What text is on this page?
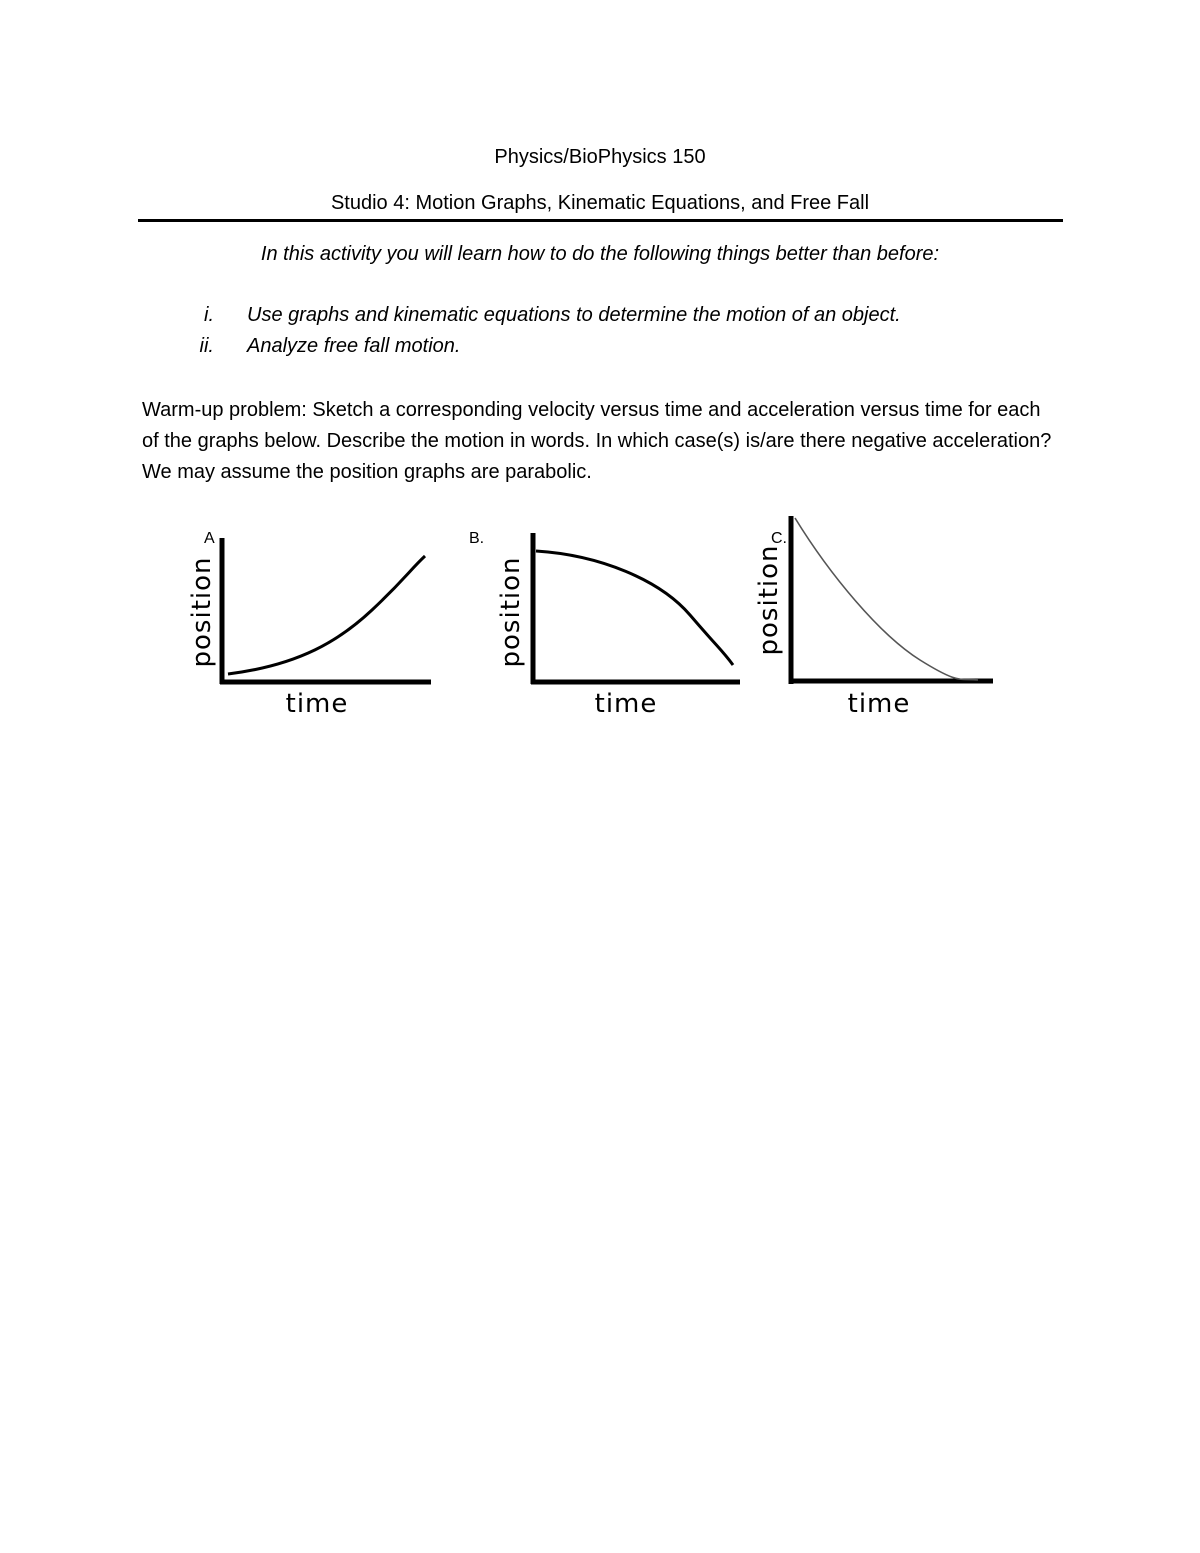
Physics/BioPhysics 150
Studio 4: Motion Graphs, Kinematic Equations, and Free Fall
In this activity you will learn how to do the following things better than before:
i. Use graphs and kinematic equations to determine the motion of an object.
ii. Analyze free fall motion.
Warm-up problem: Sketch a corresponding velocity versus time and acceleration versus time for each of the graphs below. Describe the motion in words. In which case(s) is/are there negative acceleration? We may assume the position graphs are parabolic.
A
position
time
B.
position
time
C.
position
time
